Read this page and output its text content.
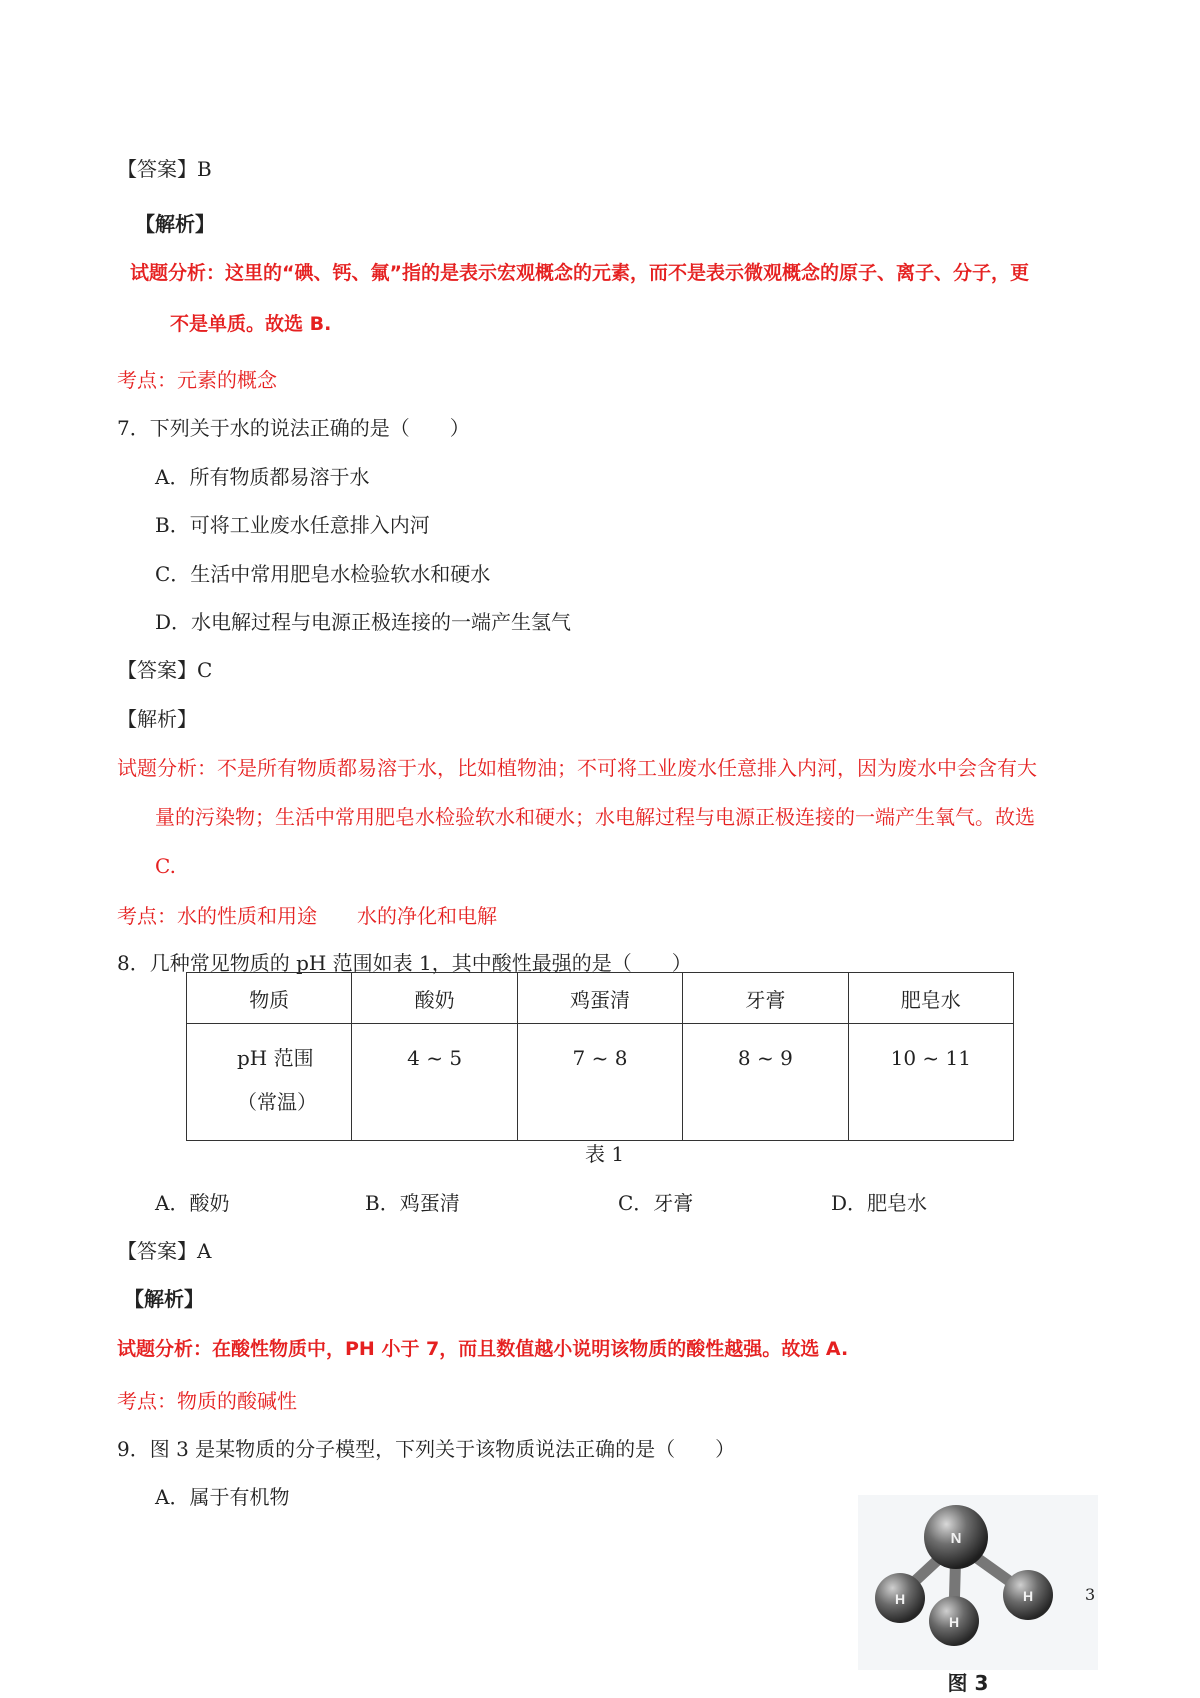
【答案】B
【解析】
试题分析：这里的“碘、钙、氟”指的是表示宏观概念的元素，而不是表示微观概念的原子、离子、分子，更
不是单质。故选 B.
考点：元素的概念
7．下列关于水的说法正确的是（　　）
A．所有物质都易溶于水
B．可将工业废水任意排入内河
C．生活中常用肥皂水检验软水和硬水
D．水电解过程与电源正极连接的一端产生氢气
【答案】C
【解析】
试题分析：不是所有物质都易溶于水，比如植物油；不可将工业废水任意排入内河，因为废水中会含有大
量的污染物；生活中常用肥皂水检验软水和硬水；水电解过程与电源正极连接的一端产生氧气。故选
C.
考点：水的性质和用途　　水的净化和电解
8．几种常见物质的 pH 范围如表 1，其中酸性最强的是（　　）
物质	酸奶	鸡蛋清	牙膏	肥皂水
pH 范围（常温）	4 ~ 5	7 ~ 8	8 ~ 9	10 ~ 11
表 1
A．酸奶	B．鸡蛋清	C．牙膏	D．肥皂水
【答案】A
【解析】
试题分析：在酸性物质中，PH 小于 7，而且数值越小说明该物质的酸性越强。故选 A.
考点：物质的酸碱性
9．图 3 是某物质的分子模型，下列关于该物质说法正确的是（　　）
A．属于有机物
N
H	H
H
图 3
3
